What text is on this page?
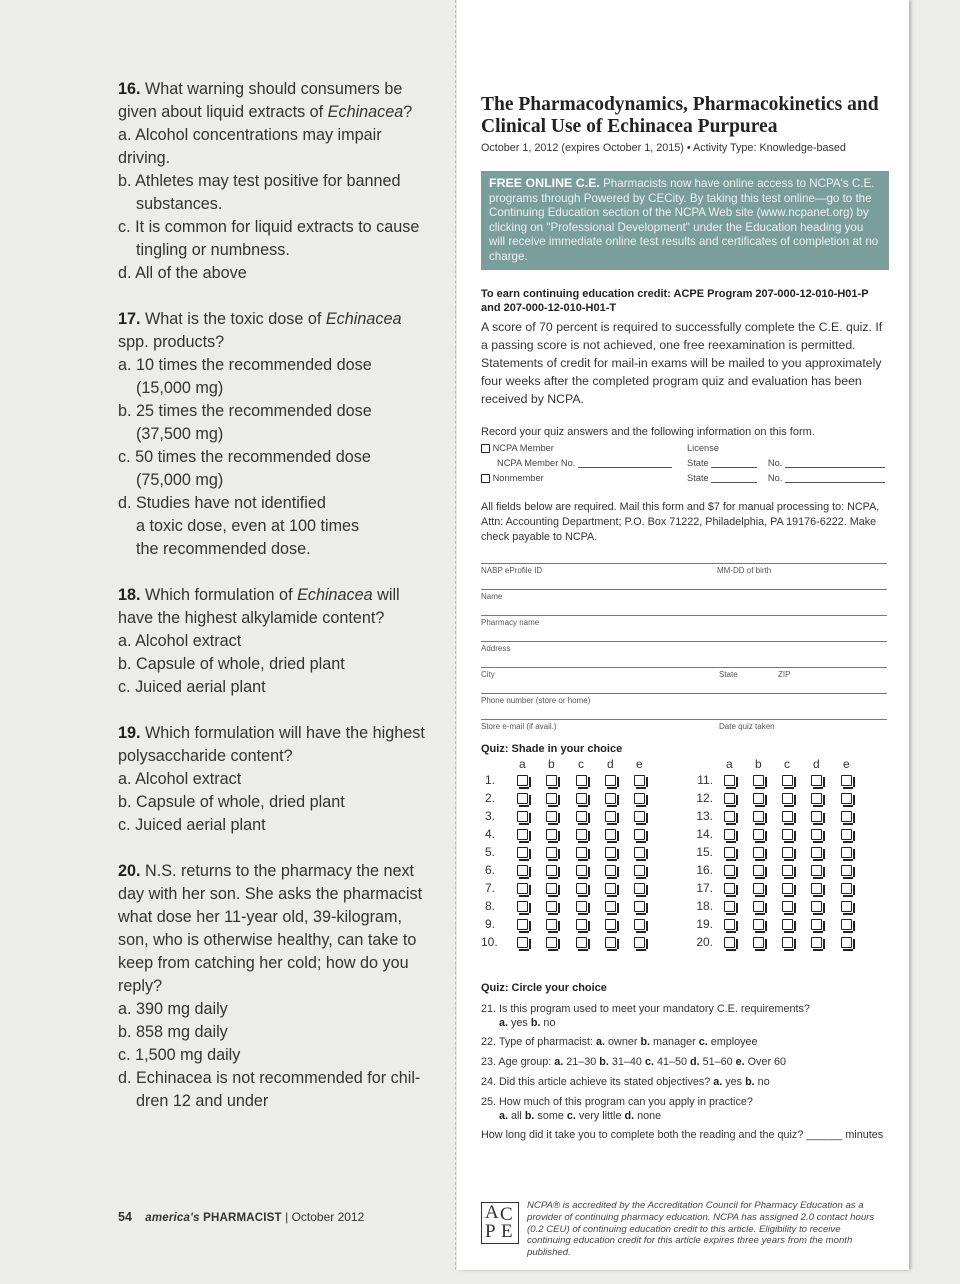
16. What warning should consumers be given about liquid extracts of Echinacea?
a. Alcohol concentrations may impair driving.
b. Athletes may test positive for banned
substances.
c. It is common for liquid extracts to cause
tingling or numbness.
d. All of the above
17. What is the toxic dose of Echinacea spp. products?
a. 10 times the recommended dose
(15,000 mg)
b. 25 times the recommended dose
(37,500 mg)
c. 50 times the recommended dose
(75,000 mg)
d. Studies have not identified
a toxic dose, even at 100 times
the recommended dose.
18. Which formulation of Echinacea will have the highest alkylamide content?
a. Alcohol extract
b. Capsule of whole, dried plant
c. Juiced aerial plant
19. Which formulation will have the highest polysaccharide content?
a. Alcohol extract
b. Capsule of whole, dried plant
c. Juiced aerial plant
20. N.S. returns to the pharmacy the next day with her son. She asks the pharmacist what dose her 11-year old, 39-kilogram, son, who is otherwise healthy, can take to keep from catching her cold; how do you reply?
a. 390 mg daily
b. 858 mg daily
c. 1,500 mg daily
d. Echinacea is not recommended for chil-
dren 12 and under
54 america's PHARMACIST | October 2012
The Pharmacodynamics, Pharmacokinetics and Clinical Use of Echinacea Purpurea
October 1, 2012 (expires October 1, 2015) • Activity Type: Knowledge-based
FREE ONLINE C.E. Pharmacists now have online access to NCPA's C.E. programs through Powered by CECity. By taking this test online—go to the Continuing Education section of the NCPA Web site (www.ncpanet.org) by clicking on "Professional Development" under the Education heading you will receive immediate online test results and certificates of completion at no charge.
To earn continuing education credit: ACPE Program 207-000-12-010-H01-P and 207-000-12-010-H01-T
A score of 70 percent is required to successfully complete the C.E. quiz. If a passing score is not achieved, one free reexamination is permitted. Statements of credit for mail-in exams will be mailed to you approximately four weeks after the completed program quiz and evaluation has been received by NCPA.
Record your quiz answers and the following information on this form.
NCPA Member	License
NCPA Member No.	State	No.
Nonmember	State	No.
All fields below are required. Mail this form and $7 for manual processing to: NCPA, Attn: Accounting Department; P.O. Box 71222, Philadelphia, PA 19176-6222. Make check payable to NCPA.
NABP eProfile ID	MM-DD of birth
Name
Pharmacy name
Address
City	State	ZIP
Phone number (store or home)
Store e-mail (if avail.)	Date quiz taken
Quiz: Shade in your choice
a b c d e
1.
2.
3.
4.
5.
6.
7.
8.
9.
10.
a b c d e
11.
12.
13.
14.
15.
16.
17.
18.
19.
20.
Quiz: Circle your choice
21. Is this program used to meet your mandatory C.E. requirements?
a. yes b. no
22. Type of pharmacist: a. owner b. manager c. employee
23. Age group: a. 21–30 b. 31–40 c. 41–50 d. 51–60 e. Over 60
24. Did this article achieve its stated objectives? a. yes b. no
25. How much of this program can you apply in practice?
a. all b. some c. very little d. none
How long did it take you to complete both the reading and the quiz? ______ minutes
A C
P E
NCPA® is accredited by the Accreditation Council for Pharmacy Education as a provider of continuing pharmacy education. NCPA has assigned 2.0 contact hours (0.2 CEU) of continuing education credit to this article. Eligibility to receive continuing education credit for this article expires three years from the month published.
